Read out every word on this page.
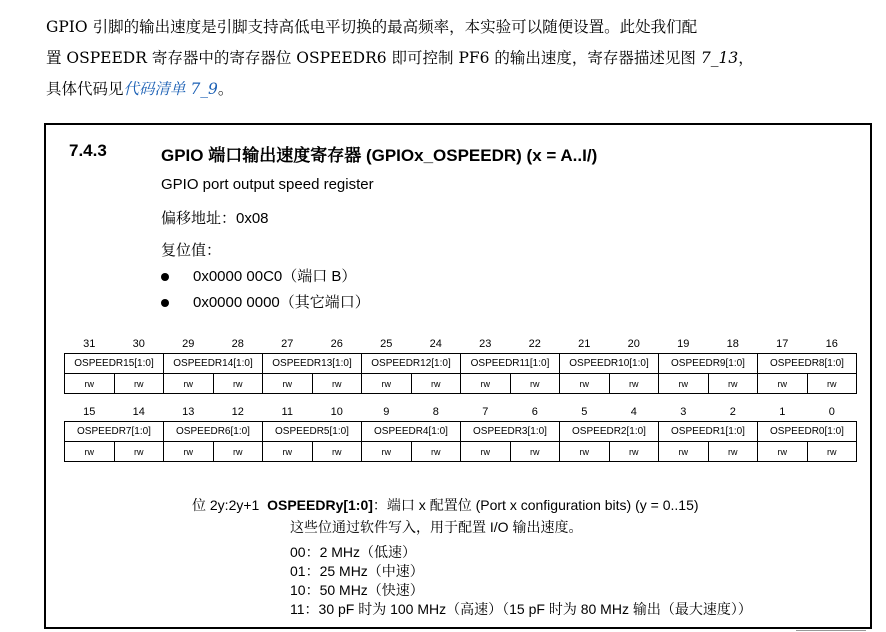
GPIO 引脚的输出速度是引脚支持高低电平切换的最高频率，本实验可以随便设置。此处我们配
置 OSPEEDR 寄存器中的寄存器位 OSPEEDR6 即可控制 PF6 的输出速度，寄存器描述见图 7_13，
具体代码见代码清单 7_9。
7.4.3	GPIO 端口输出速度寄存器 (GPIOx_OSPEEDR) (x = A..I/)
GPIO port output speed register
偏移地址：0x08
复位值：
0x0000 00C0（端口 B）
0x0000 0000（其它端口）
31	30	29	28	27	26	25	24	23	22	21	20	19	18	17	16
OSPEEDR15[1:0]		OSPEEDR14[1:0]		OSPEEDR13[1:0]		OSPEEDR12[1:0]		OSPEEDR11[1:0]		OSPEEDR10[1:0]		OSPEEDR9[1:0]		OSPEEDR8[1:0]	
rw	rw	rw	rw	rw	rw	rw	rw	rw	rw	rw	rw	rw	rw	rw	rw
15	14	13	12	11	10	9	8	7	6	5	4	3	2	1	0
OSPEEDR7[1:0]		OSPEEDR6[1:0]		OSPEEDR5[1:0]		OSPEEDR4[1:0]		OSPEEDR3[1:0]		OSPEEDR2[1:0]		OSPEEDR1[1:0]		OSPEEDR0[1:0]	
rw	rw	rw	rw	rw	rw	rw	rw	rw	rw	rw	rw	rw	rw	rw	rw
位 2y:2y+1 OSPEEDRy[1:0]：端口 x 配置位 (Port x configuration bits) (y = 0..15)
这些位通过软件写入，用于配置 I/O 输出速度。
00：2 MHz（低速）
01：25 MHz（中速）
10：50 MHz（快速）
11：30 pF 时为 100 MHz（高速）（15 pF 时为 80 MHz 输出（最大速度））
